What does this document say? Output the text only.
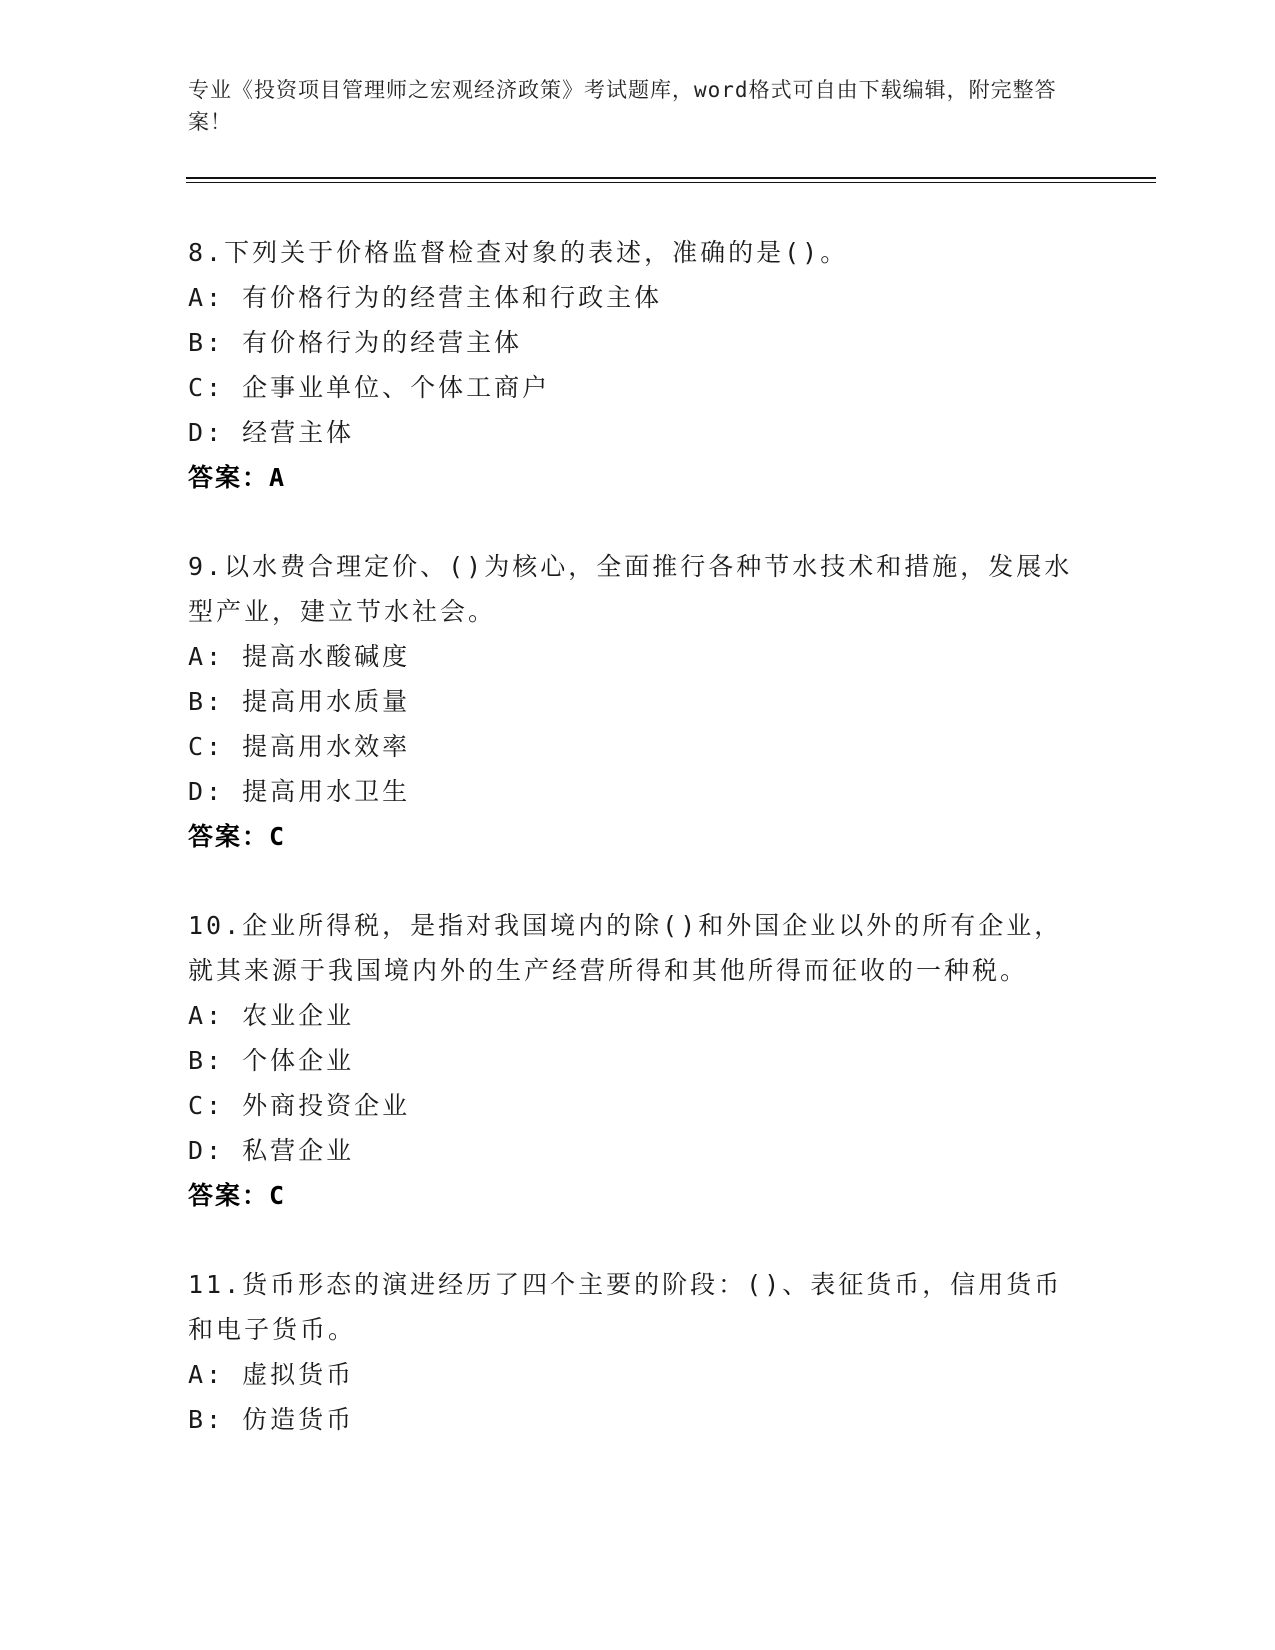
专业《投资项目管理师之宏观经济政策》考试题库，word格式可自由下载编辑，附完整答案！
8.下列关于价格监督检查对象的表述，准确的是()。
A: 有价格行为的经营主体和行政主体
B: 有价格行为的经营主体
C: 企事业单位、个体工商户
D: 经营主体
答案：A
9.以水费合理定价、()为核心，全面推行各种节水技术和措施，发展水型产业，建立节水社会。
A: 提高水酸碱度
B: 提高用水质量
C: 提高用水效率
D: 提高用水卫生
答案：C
10.企业所得税，是指对我国境内的除()和外国企业以外的所有企业，就其来源于我国境内外的生产经营所得和其他所得而征收的一种税。
A: 农业企业
B: 个体企业
C: 外商投资企业
D: 私营企业
答案：C
11.货币形态的演进经历了四个主要的阶段：()、表征货币，信用货币和电子货币。
A: 虚拟货币
B: 仿造货币
